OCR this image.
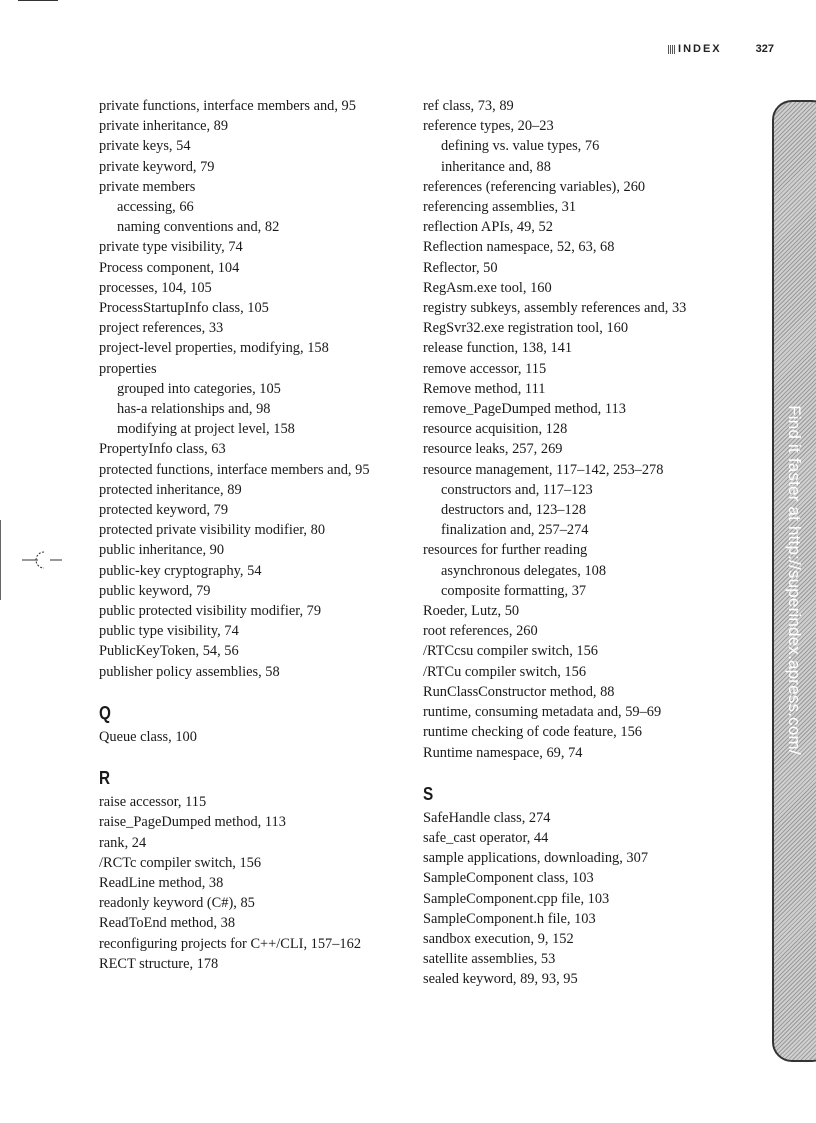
INDEX	327
private functions, interface members and, 95
private inheritance, 89
private keys, 54
private keyword, 79
private members
accessing, 66
naming conventions and, 82
private type visibility, 74
Process component, 104
processes, 104, 105
ProcessStartupInfo class, 105
project references, 33
project-level properties, modifying, 158
properties
grouped into categories, 105
has-a relationships and, 98
modifying at project level, 158
PropertyInfo class, 63
protected functions, interface members and, 95
protected inheritance, 89
protected keyword, 79
protected private visibility modifier, 80
public inheritance, 90
public-key cryptography, 54
public keyword, 79
public protected visibility modifier, 79
public type visibility, 74
PublicKeyToken, 54, 56
publisher policy assemblies, 58
Q
Queue class, 100
R
raise accessor, 115
raise_PageDumped method, 113
rank, 24
/RCTc compiler switch, 156
ReadLine method, 38
readonly keyword (C#), 85
ReadToEnd method, 38
reconfiguring projects for C++/CLI, 157–162
RECT structure, 178
ref class, 73, 89
reference types, 20–23
defining vs. value types, 76
inheritance and, 88
references (referencing variables), 260
referencing assemblies, 31
reflection APIs, 49, 52
Reflection namespace, 52, 63, 68
Reflector, 50
RegAsm.exe tool, 160
registry subkeys, assembly references and, 33
RegSvr32.exe registration tool, 160
release function, 138, 141
remove accessor, 115
Remove method, 111
remove_PageDumped method, 113
resource acquisition, 128
resource leaks, 257, 269
resource management, 117–142, 253–278
constructors and, 117–123
destructors and, 123–128
finalization and, 257–274
resources for further reading
asynchronous delegates, 108
composite formatting, 37
Roeder, Lutz, 50
root references, 260
/RTCcsu compiler switch, 156
/RTCu compiler switch, 156
RunClassConstructor method, 88
runtime, consuming metadata and, 59–69
runtime checking of code feature, 156
Runtime namespace, 69, 74
S
SafeHandle class, 274
safe_cast operator, 44
sample applications, downloading, 307
SampleComponent class, 103
SampleComponent.cpp file, 103
SampleComponent.h file, 103
sandbox execution, 9, 152
satellite assemblies, 53
sealed keyword, 89, 93, 95
Find it faster at http://superindex.apress.com/
